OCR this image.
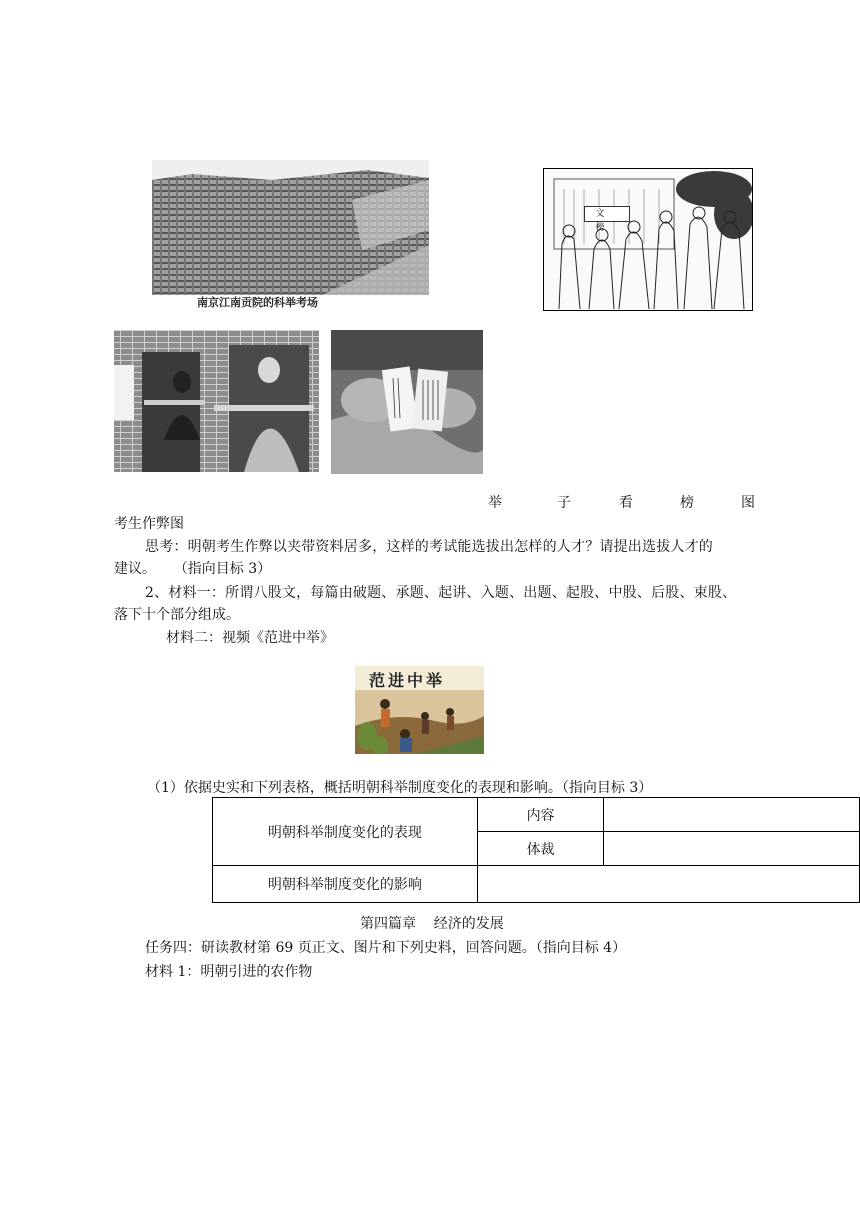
南京江南贡院的科举考场
文榜
举	子	看	榜	图
考生作弊图
思考：明朝考生作弊以夹带资料居多，这样的考试能选拔出怎样的人才？请提出选拔人才的
建议。    （指向目标 3）
2、材料一：所谓八股文，每篇由破题、承题、起讲、入题、出题、起股、中股、后股、束股、
落下十个部分组成。
材料二：视频《范进中举》
范进中举
（1）依据史实和下列表格，概括明朝科举制度变化的表现和影响。（指向目标 3）
明朝科举制度变化的表现	内容	
	体裁	
明朝科举制度变化的影响		
第四篇章    经济的发展
任务四：研读教材第 69 页正文、图片和下列史料，回答问题。（指向目标 4）
材料 1：明朝引进的农作物
